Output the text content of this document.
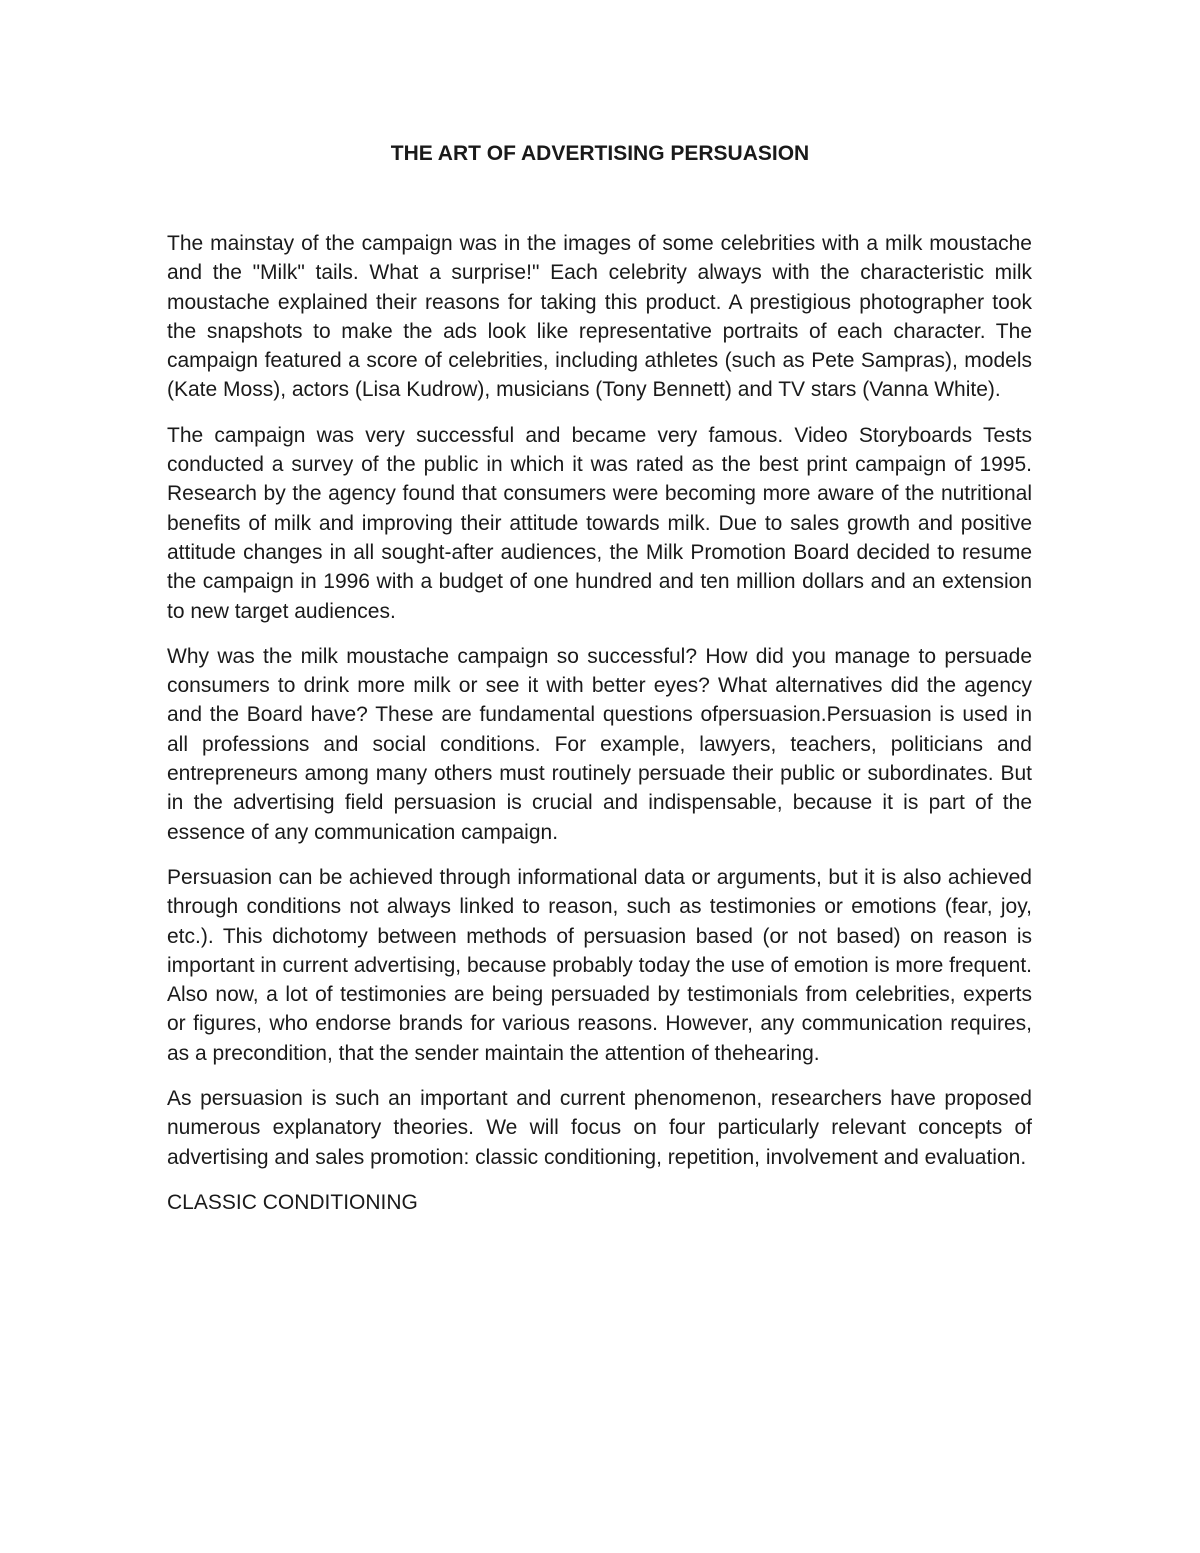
THE ART OF ADVERTISING PERSUASION

The mainstay of the campaign was in the images of some celebrities with a milk moustache and the "Milk" tails. What a surprise!" Each celebrity always with the characteristic milk moustache explained their reasons for taking this product. A prestigious photographer took the snapshots to make the ads look like representative portraits of each character. The campaign featured a score of celebrities, including athletes (such as Pete Sampras), models (Kate Moss), actors (Lisa Kudrow), musicians (Tony Bennett) and TV stars (Vanna White).

The campaign was very successful and became very famous. Video Storyboards Tests conducted a survey of the public in which it was rated as the best print campaign of 1995. Research by the agency found that consumers were becoming more aware of the nutritional benefits of milk and improving their attitude towards milk. Due to sales growth and positive attitude changes in all sought-after audiences, the Milk Promotion Board decided to resume the campaign in 1996 with a budget of one hundred and ten million dollars and an extension to new target audiences.

Why was the milk moustache campaign so successful? How did you manage to persuade consumers to drink more milk or see it with better eyes? What alternatives did the agency and the Board have? These are fundamental questions ofpersuasion.Persuasion is used in all professions and social conditions. For example, lawyers, teachers, politicians and entrepreneurs among many others must routinely persuade their public or subordinates. But in the advertising field persuasion is crucial and indispensable, because it is part of the essence of any communication campaign.

Persuasion can be achieved through informational data or arguments, but it is also achieved through conditions not always linked to reason, such as testimonies or emotions (fear, joy, etc.). This dichotomy between methods of persuasion based (or not based) on reason is important in current advertising, because probably today the use of emotion is more frequent. Also now, a lot of testimonies are being persuaded by testimonials from celebrities, experts or figures, who endorse brands for various reasons. However, any communication requires, as a precondition, that the sender maintain the attention of thehearing.

As persuasion is such an important and current phenomenon, researchers have proposed numerous explanatory theories. We will focus on four particularly relevant concepts of advertising and sales promotion: classic conditioning, repetition, involvement and evaluation.

CLASSIC CONDITIONING
